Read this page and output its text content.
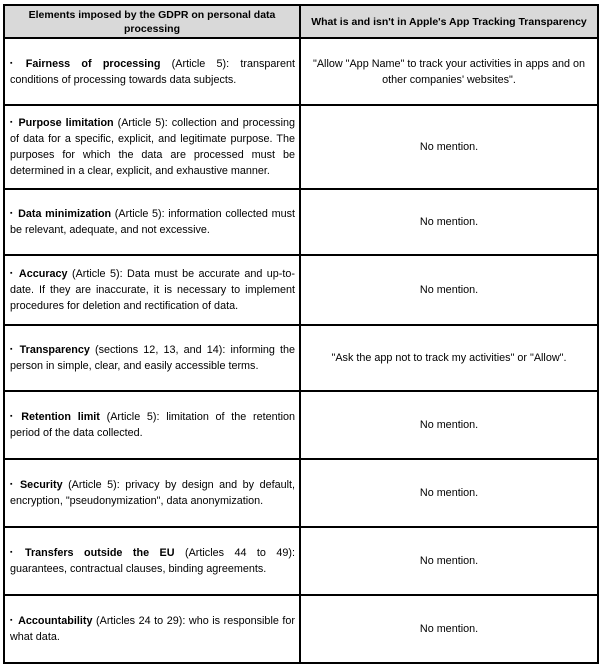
Elements imposed by the GDPR on personal data processing	What is and isn't in Apple's App Tracking Transparency
▪ Fairness of processing (Article 5): transparent conditions of processing towards data subjects.	"Allow "App Name" to track your activities in apps and on other companies' websites".
▪ Purpose limitation (Article 5): collection and processing of data for a specific, explicit, and legitimate purpose. The purposes for which the data are processed must be determined in a clear, explicit, and exhaustive manner.	No mention.
▪ Data minimization (Article 5): information collected must be relevant, adequate, and not excessive.	No mention.
▪ Accuracy (Article 5): Data must be accurate and up-to-date. If they are inaccurate, it is necessary to implement procedures for deletion and rectification of data.	No mention.
▪ Transparency (sections 12, 13, and 14): informing the person in simple, clear, and easily accessible terms.	"Ask the app not to track my activities" or "Allow".
▪ Retention limit (Article 5): limitation of the retention period of the data collected.	No mention.
▪ Security (Article 5): privacy by design and by default, encryption, "pseudonymization", data anonymization.	No mention.
▪ Transfers outside the EU (Articles 44 to 49): guarantees, contractual clauses, binding agreements.	No mention.
▪ Accountability (Articles 24 to 29): who is responsible for what data.	No mention.
